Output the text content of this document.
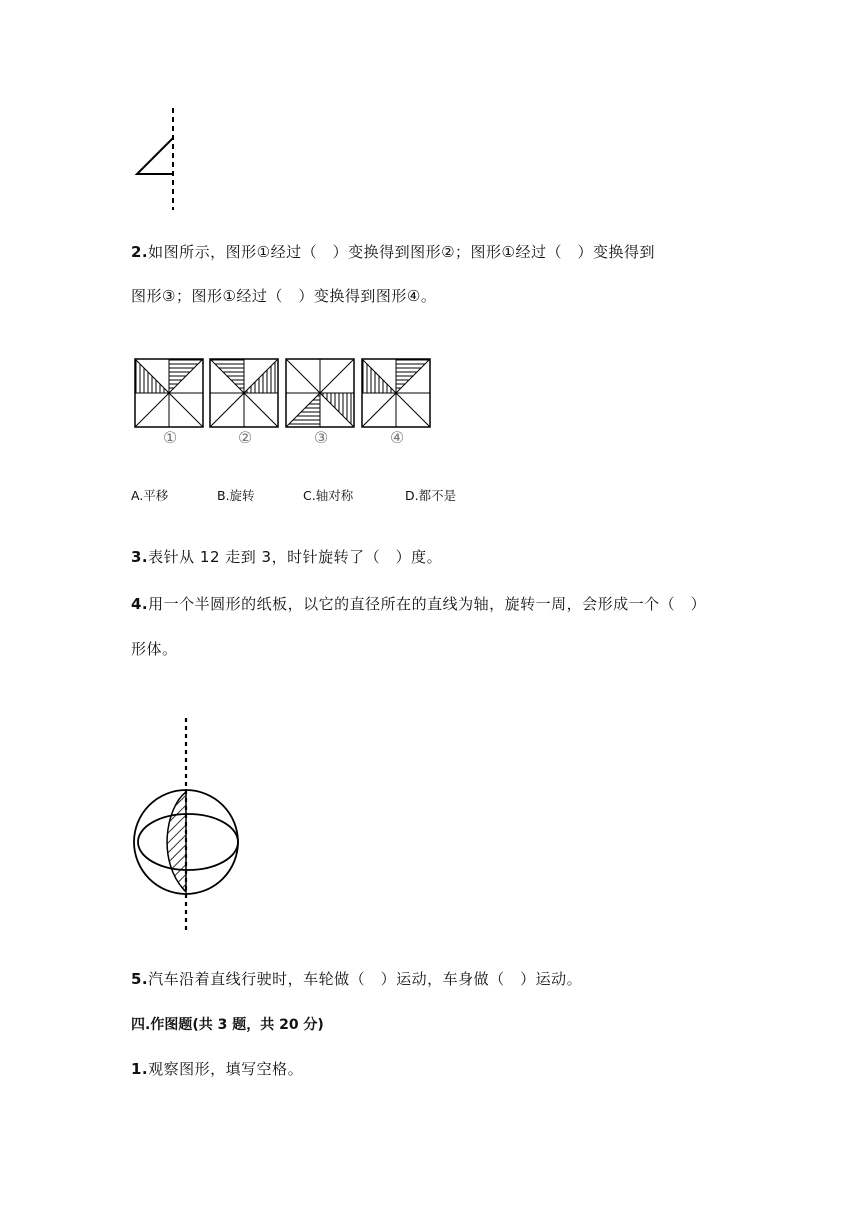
2.如图所示，图形①经过（　）变换得到图形②；图形①经过（　）变换得到
图形③；图形①经过（　）变换得到图形④。
①	②	③	④
A.平移	B.旋转	C.轴对称	D.都不是
3.表针从 12 走到 3，时针旋转了（　）度。
4.用一个半圆形的纸板，以它的直径所在的直线为轴，旋转一周，会形成一个（　）
形体。
5.汽车沿着直线行驶时，车轮做（　）运动，车身做（　）运动。
四.作图题(共 3 题，共 20 分)
1.观察图形，填写空格。
